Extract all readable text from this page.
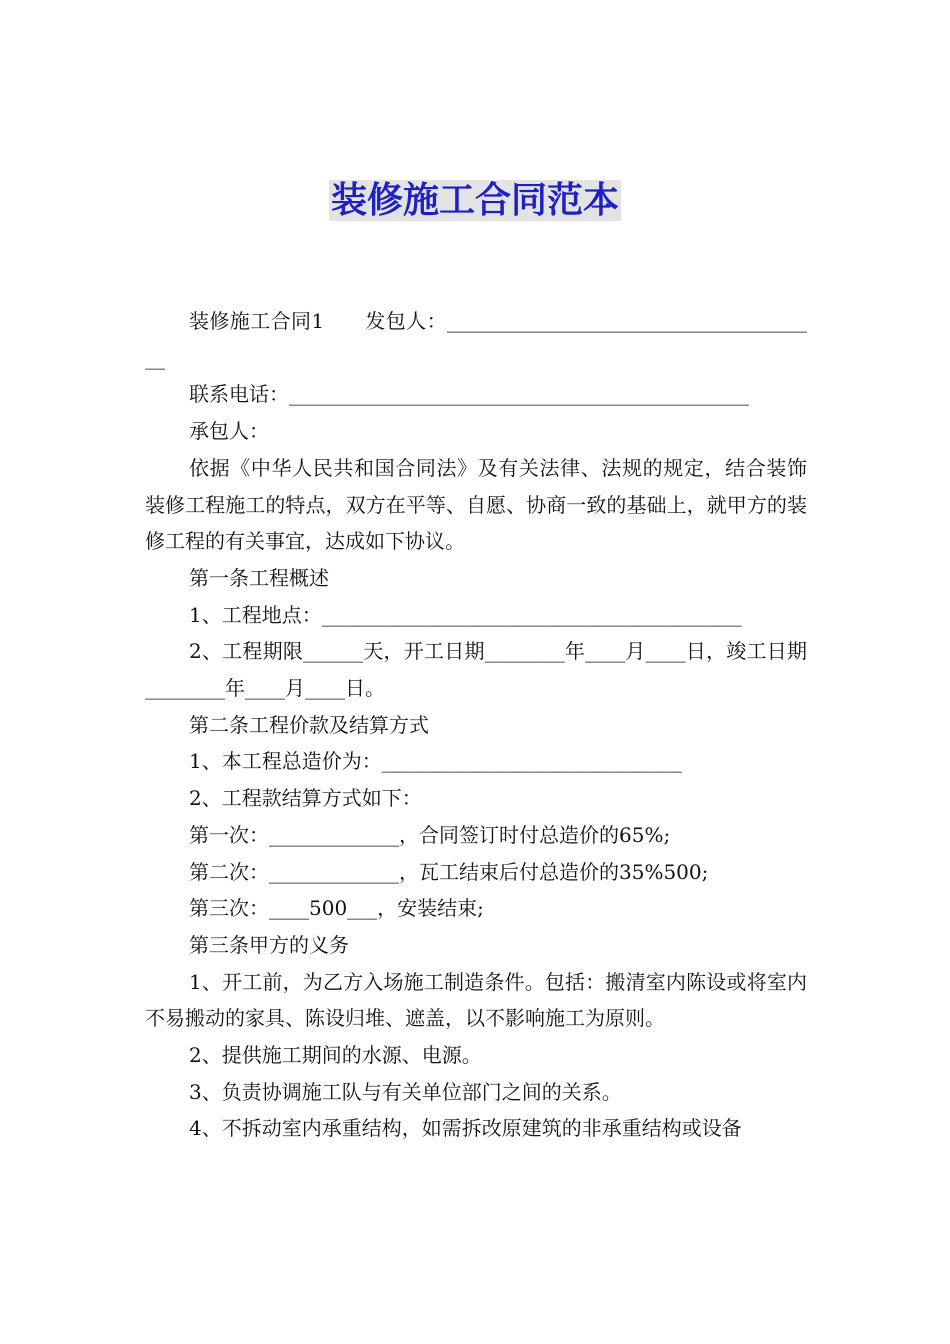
装修施工合同范本

装修施工合同1　　发包人：______________________________________

联系电话：______________________________________________

承包人：

依据《中华人民共和国合同法》及有关法律、法规的规定，结合装饰装修工程施工的特点，双方在平等、自愿、协商一致的基础上，就甲方的装修工程的有关事宜，达成如下协议。

第一条工程概述

1、工程地点：__________________________________________

2、工程期限______天，开工日期________年____月____日，竣工日期________年____月____日。

第二条工程价款及结算方式

1、本工程总造价为：______________________________

2、工程款结算方式如下：

第一次：_____________，合同签订时付总造价的65%;

第二次：_____________，瓦工结束后付总造价的35%500;

第三次：____500___，安装结束;

第三条甲方的义务

1、开工前，为乙方入场施工制造条件。包括：搬清室内陈设或将室内不易搬动的家具、陈设归堆、遮盖，以不影响施工为原则。

2、提供施工期间的水源、电源。

3、负责协调施工队与有关单位部门之间的关系。

4、不拆动室内承重结构，如需拆改原建筑的非承重结构或设备
